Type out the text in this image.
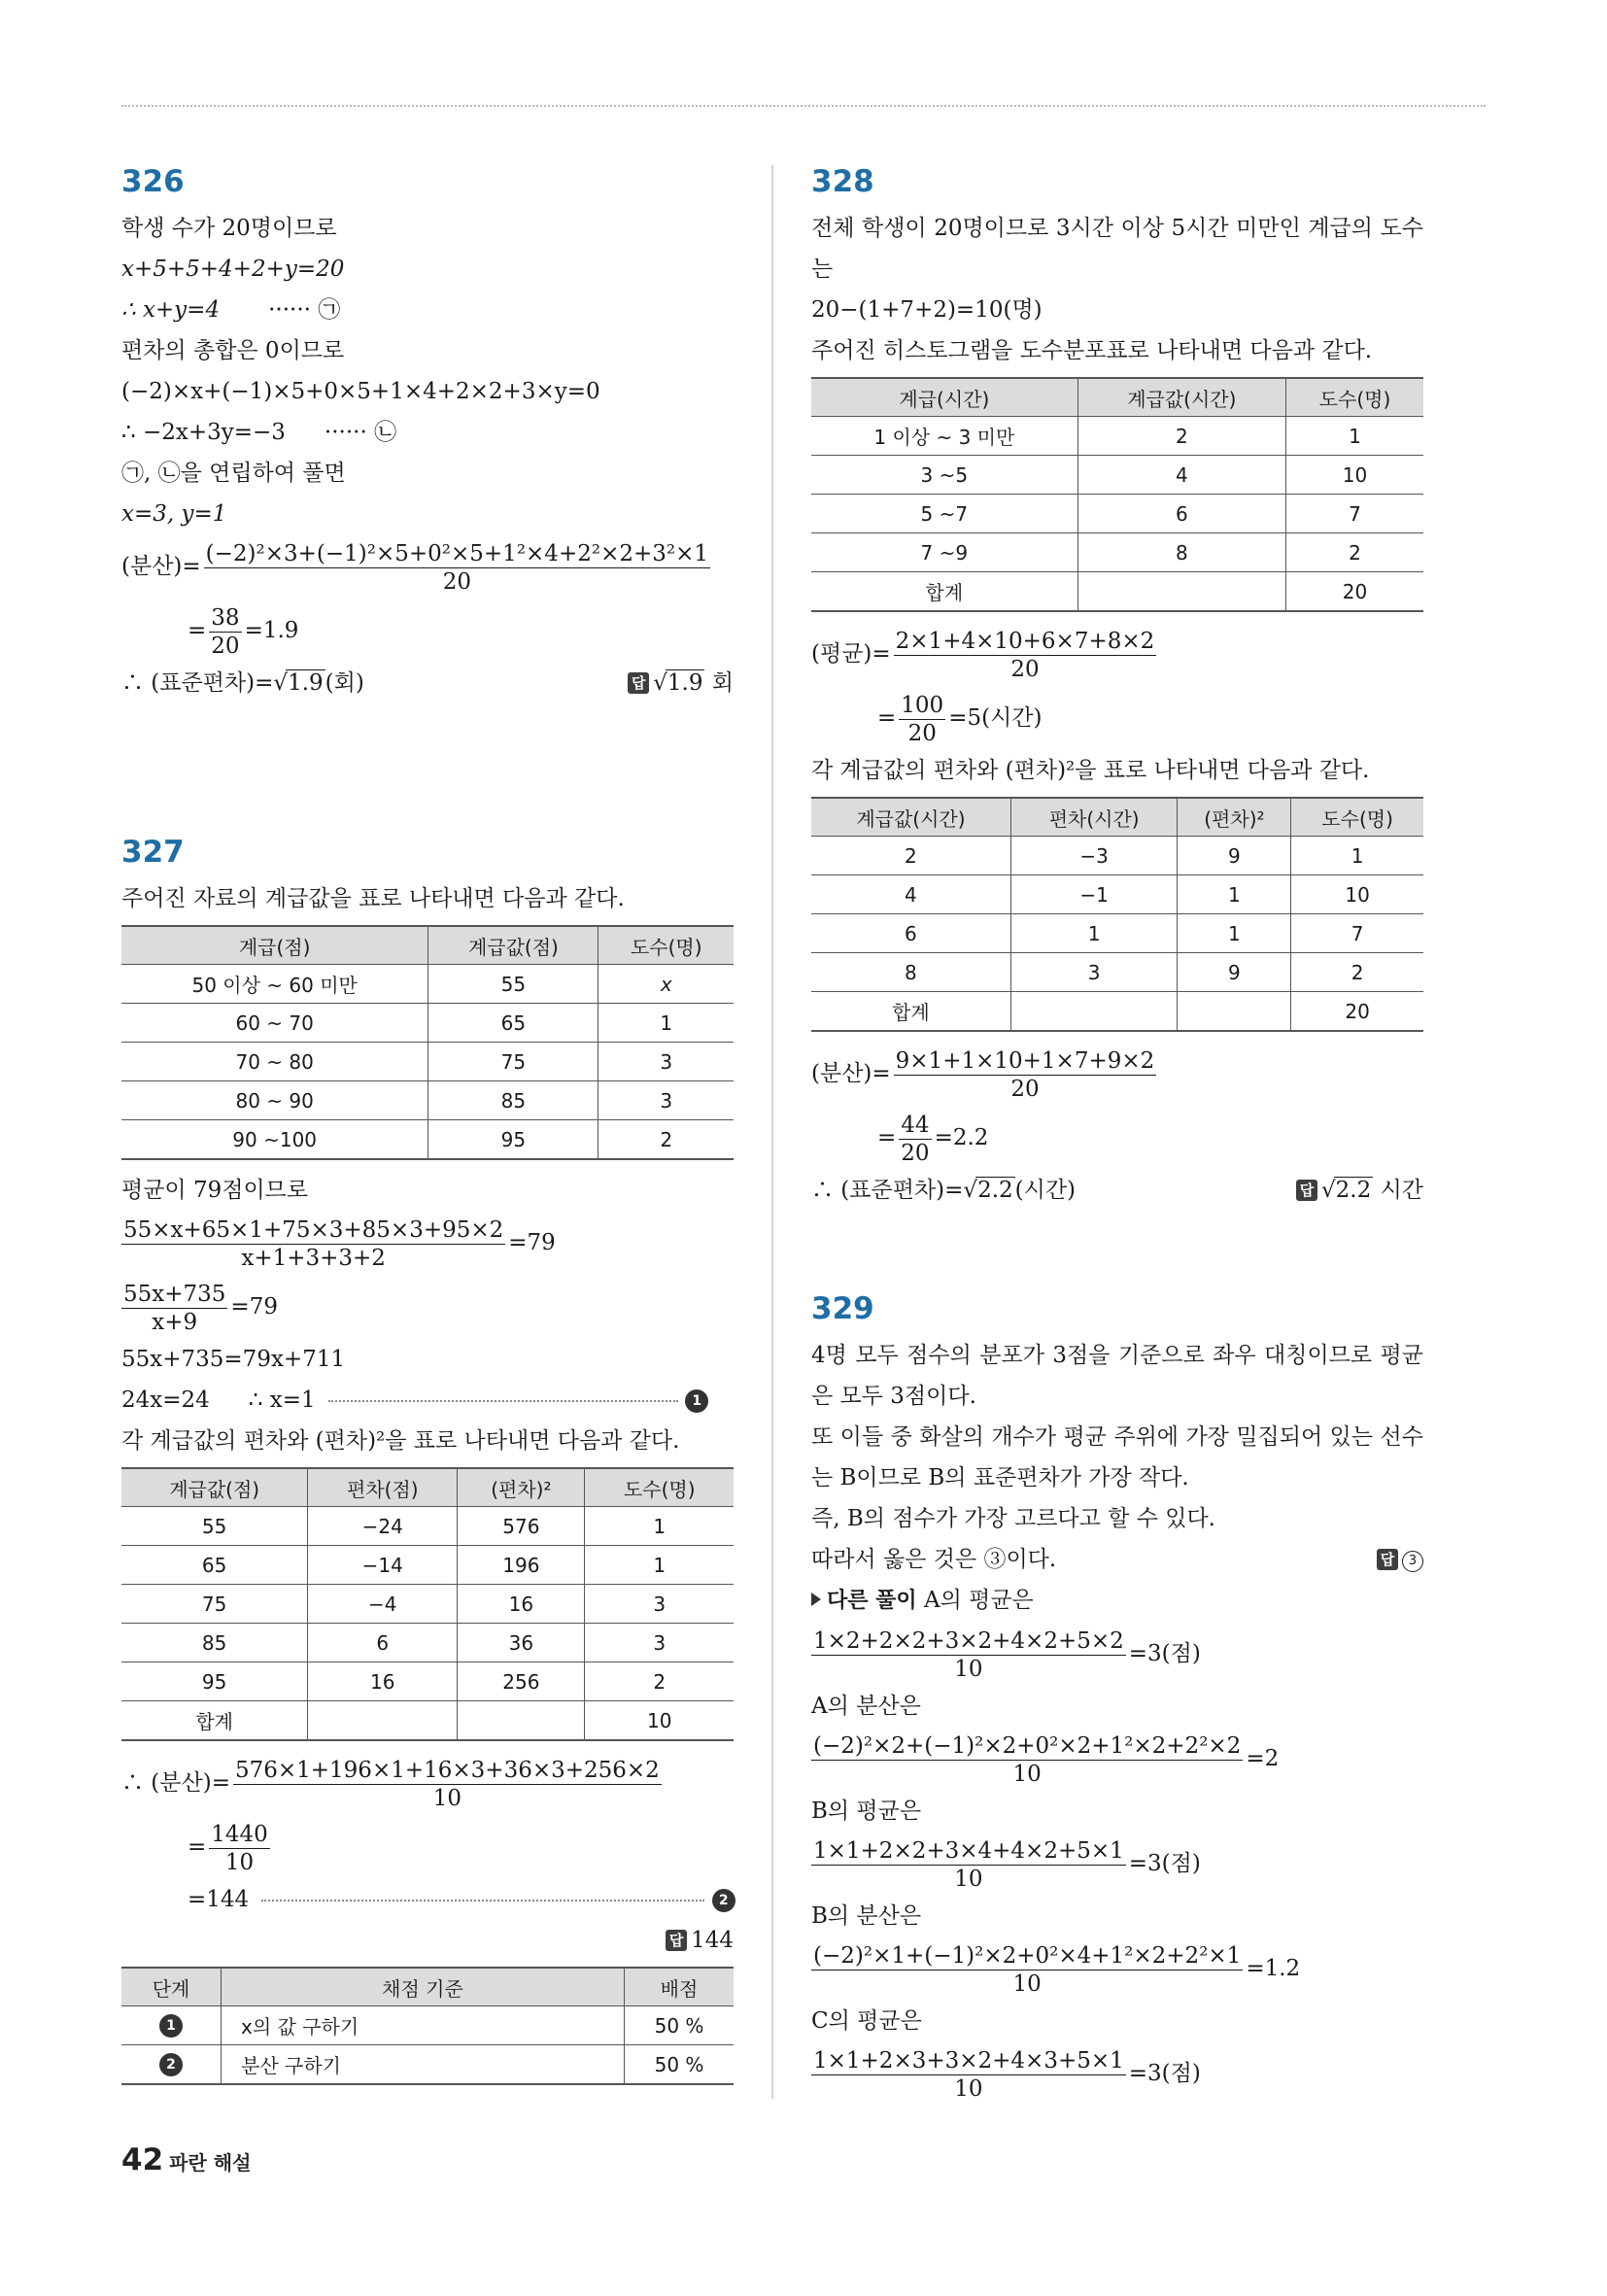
326
학생 수가 20명이므로
x+5+5+4+2+y=20
∴ x+y=4 ······ ㉠
편차의 총합은 0이므로
(−2)×x+(−1)×5+0×5+1×4+2×2+3×y=0
∴ −2x+3y=−3 ······ ㉡
㉠, ㉡을 연립하여 풀면
x=3, y=1
(분산)= $\frac{\text{(−2)²×3+(−1)²×5+0²×5+1²×4+2²×2+3²×1}}{20}$
= $\frac{38}{20} =1.9$
∴ (표준편차)=√1.9(회)	답 √1.9 회
327
주어진 자료의 계급값을 표로 나타내면 다음과 같다.
계급(점)	계급값(점)	도수(명)
50 이상 ~ 60 미만	55	x
60 ~ 70	65	1
70 ~ 80	75	3
80 ~ 90	85	3
90 ~100	95	2
평균이 79점이므로
$\frac{55\times x+65\times 1+75\times 3+85\times 3+95\times 2}{x+1+3+3+2} =79$
$\frac{55x+735}{x+9} =79$
55x+735=79x+711
24x=24 ∴ x=1	1
각 계급값의 편차와 (편차)²을 표로 나타내면 다음과 같다.
계급값(점)	편차(점)	(편차)²	도수(명)
55	−24	576	1
65	−14	196	1
75	−4	16	3
85	6	36	3
95	16	256	2
합계			10
∴ (분산)= $\frac{576\times 1+196\times 1+16\times 3+36\times 3+256\times 2}{10}$
= $\frac{1440}{10}$
=144	2
답 144
단계	채점 기준	배점
1	x의 값 구하기	50 %
2	분산 구하기	50 %
328
전체 학생이 20명이므로 3시간 이상 5시간 미만인 계급의 도수는
20−(1+7+2)=10(명)
주어진 히스토그램을 도수분포표로 나타내면 다음과 같다.
계급(시간)	계급값(시간)	도수(명)
1 이상 ~ 3 미만	2	1
3 ~5	4	10
5 ~7	6	7
7 ~9	8	2
합계		20
(평균)= $\frac{2\times 1+4\times 10+6\times 7+8\times 2}{20}$
= $\frac{100}{20} =5$(시간)
각 계급값의 편차와 (편차)²을 표로 나타내면 다음과 같다.
계급값(시간)	편차(시간)	(편차)²	도수(명)
2	−3	9	1
4	−1	1	10
6	1	1	7
8	3	9	2
합계			20
(분산)= $\frac{9\times 1+1\times 10+1\times 7+9\times 2}{20}$
= $\frac{44}{20} =2.2$
∴ (표준편차)=√2.2(시간)	답 √2.2 시간
329
4명 모두 점수의 분포가 3점을 기준으로 좌우 대칭이므로 평균은 모두 3점이다.
또 이들 중 화살의 개수가 평균 주위에 가장 밀집되어 있는 선수는 B이므로 B의 표준편차가 가장 작다.
즉, B의 점수가 가장 고르다고 할 수 있다.
따라서 옳은 것은 ③이다.	답 3
다른 풀이 A의 평균은
$\frac{1\times 2+2\times 2+3\times 2+4\times 2+5\times 2}{10} =3$(점)
A의 분산은
$\frac{\text{(−2)²×2+(−1)²×2+0²×2+1²×2+2²×2}}{10} =2$
B의 평균은
$\frac{1\times 1+2\times 2+3\times 4+4\times 2+5\times 1}{10} =3$(점)
B의 분산은
$\frac{\text{(−2)²×1+(−1)²×2+0²×4+1²×2+2²×1}}{10} =1.2$
C의 평균은
$\frac{1\times 1+2\times 3+3\times 2+4\times 3+5\times 1}{10} =3$(점)
42 파란 해설
